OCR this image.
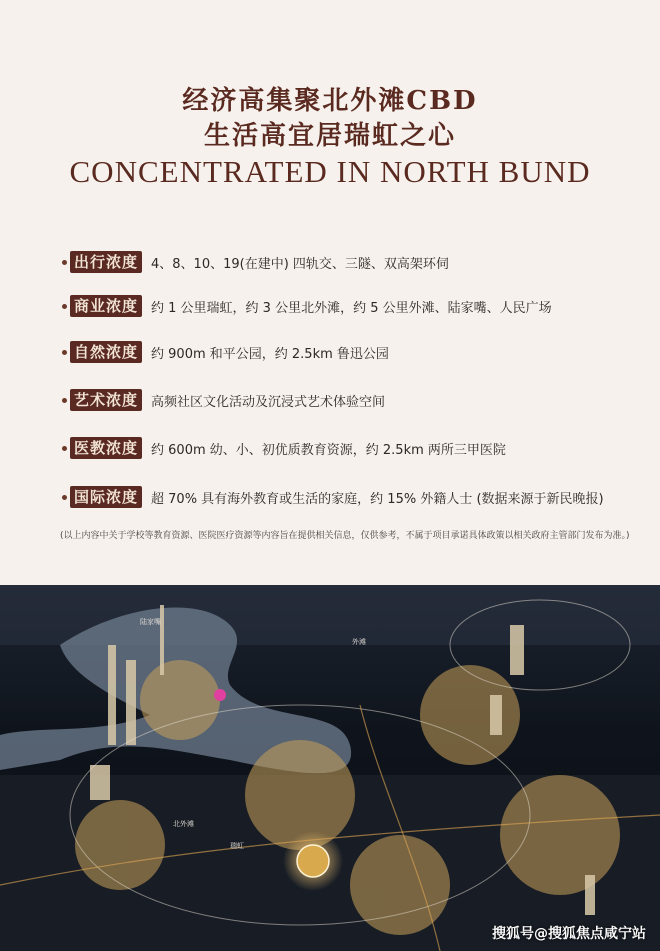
经济高集聚北外滩CBD
生活高宜居瑞虹之心
CONCENTRATED IN NORTH BUND
出行浓度	4、8、10、19(在建中) 四轨交、三隧、双高架环伺
商业浓度	约 1 公里瑞虹，约 3 公里北外滩，约 5 公里外滩、陆家嘴、人民广场
自然浓度	约 900m 和平公园，约 2.5km 鲁迅公园
艺术浓度	高频社区文化活动及沉浸式艺术体验空间
医教浓度	约 600m 幼、小、初优质教育资源，约 2.5km 两所三甲医院
国际浓度	超 70% 具有海外教育或生活的家庭，约 15% 外籍人士 (数据来源于新民晚报)
(以上内容中关于学校等教育资源、医院医疗资源等内容旨在提供相关信息，仅供参考，不属于项目承诺具体政策以相关政府主管部门发布为准。)
陆家嘴
外滩
北外滩
瑞虹
搜狐号@搜狐焦点咸宁站
